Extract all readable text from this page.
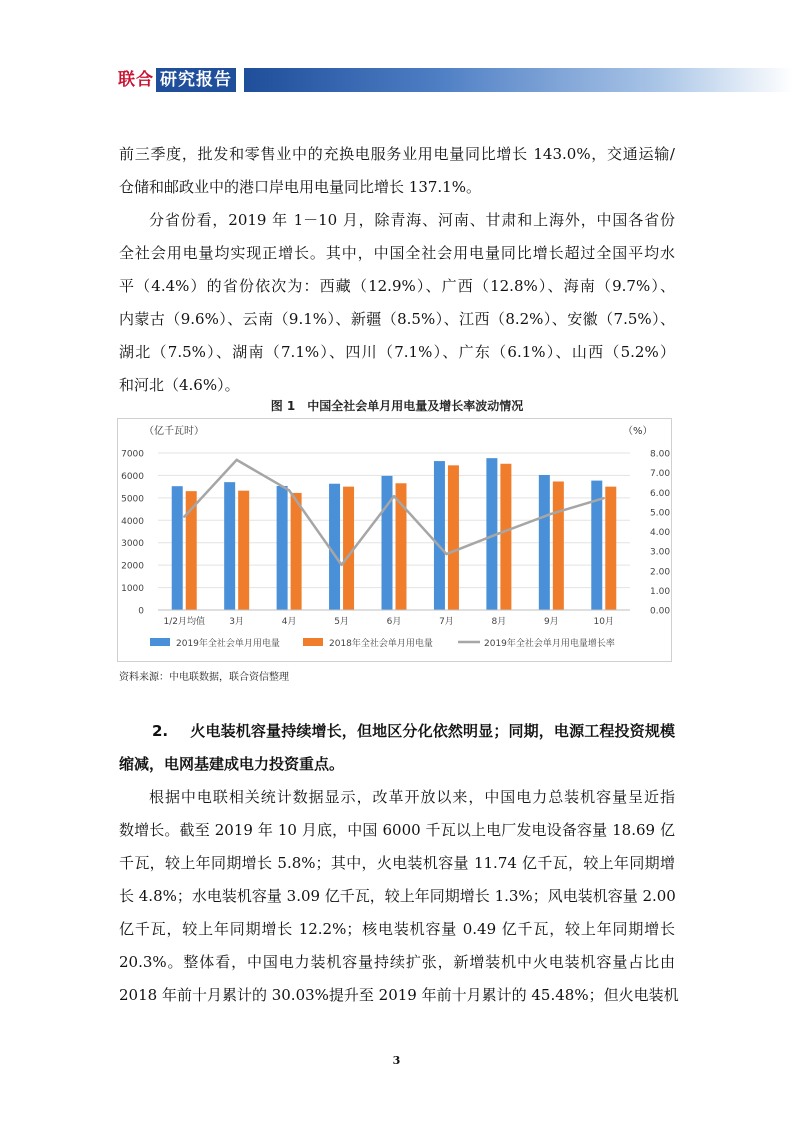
联合 研究报告
前三季度，批发和零售业中的充换电服务业用电量同比增长 143.0%，交通运输/
仓储和邮政业中的港口岸电用电量同比增长 137.1%。
分省份看，2019 年 1－10 月，除青海、河南、甘肃和上海外，中国各省份
全社会用电量均实现正增长。其中，中国全社会用电量同比增长超过全国平均水
平（4.4%）的省份依次为：西藏（12.9%）、广西（12.8%）、海南（9.7%）、
内蒙古（9.6%）、云南（9.1%）、新疆（8.5%）、江西（8.2%）、安徽（7.5%）、
湖北（7.5%）、湖南（7.1%）、四川（7.1%）、广东（6.1%）、山西（5.2%）
和河北（4.6%）。
图 1　中国全社会单月用电量及增长率波动情况
0
1000
2000
3000
4000
5000
6000
7000
0.00
1.00
2.00
3.00
4.00
5.00
6.00
7.00
8.00
（亿千瓦时）	（%）
1/2月均值	3月	4月	5月	6月	7月	8月	9月	10月
2019年全社会单月用电量	2018年全社会单月用电量	2019年全社会单月用电量增长率
资料来源：中电联数据，联合资信整理
2. 火电装机容量持续增长，但地区分化依然明显；同期，电源工程投资规模
缩减，电网基建成电力投资重点。
根据中电联相关统计数据显示，改革开放以来，中国电力总装机容量呈近指
数增长。截至 2019 年 10 月底，中国 6000 千瓦以上电厂发电设备容量 18.69 亿
千瓦，较上年同期增长 5.8%；其中，火电装机容量 11.74 亿千瓦，较上年同期增
长 4.8%；水电装机容量 3.09 亿千瓦，较上年同期增长 1.3%；风电装机容量 2.00
亿千瓦，较上年同期增长 12.2%；核电装机容量 0.49 亿千瓦，较上年同期增长
20.3%。整体看，中国电力装机容量持续扩张，新增装机中火电装机容量占比由
2018 年前十月累计的 30.03%提升至 2019 年前十月累计的 45.48%；但火电装机
3
